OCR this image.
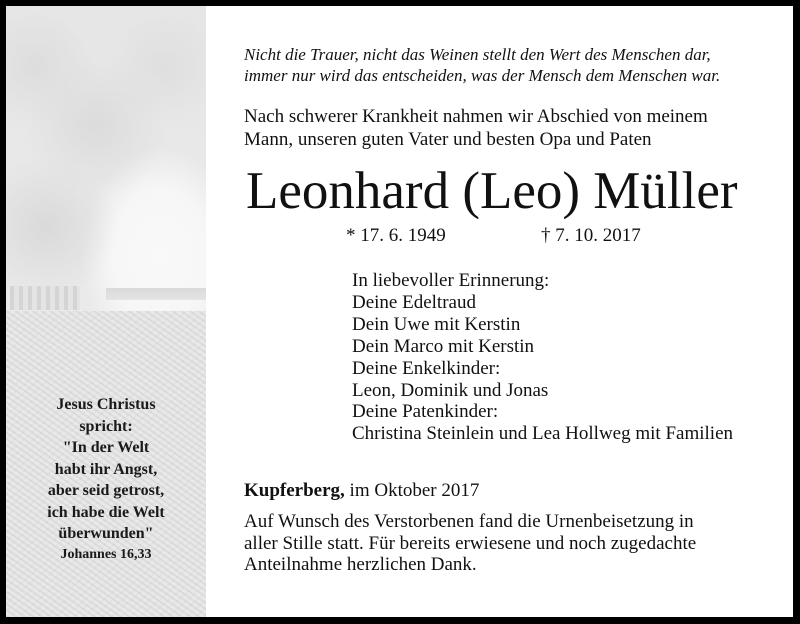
Jesus Christus
spricht:
"In der Welt
habt ihr Angst,
aber seid getrost,
ich habe die Welt
überwunden"
Johannes 16,33
Nicht die Trauer, nicht das Weinen stellt den Wert des Menschen dar,
immer nur wird das entscheiden, was der Mensch dem Menschen war.
Nach schwerer Krankheit nahmen wir Abschied von meinem
Mann, unseren guten Vater und besten Opa und Paten
Leonhard (Leo) Müller
* 17. 6. 1949	† 7. 10. 2017
In liebevoller Erinnerung:
Deine Edeltraud
Dein Uwe mit Kerstin
Dein Marco mit Kerstin
Deine Enkelkinder:
Leon, Dominik und Jonas
Deine Patenkinder:
Christina Steinlein und Lea Hollweg mit Familien
Kupferberg, im Oktober 2017
Auf Wunsch des Verstorbenen fand die Urnenbeisetzung in
aller Stille statt. Für bereits erwiesene und noch zugedachte
Anteilnahme herzlichen Dank.
